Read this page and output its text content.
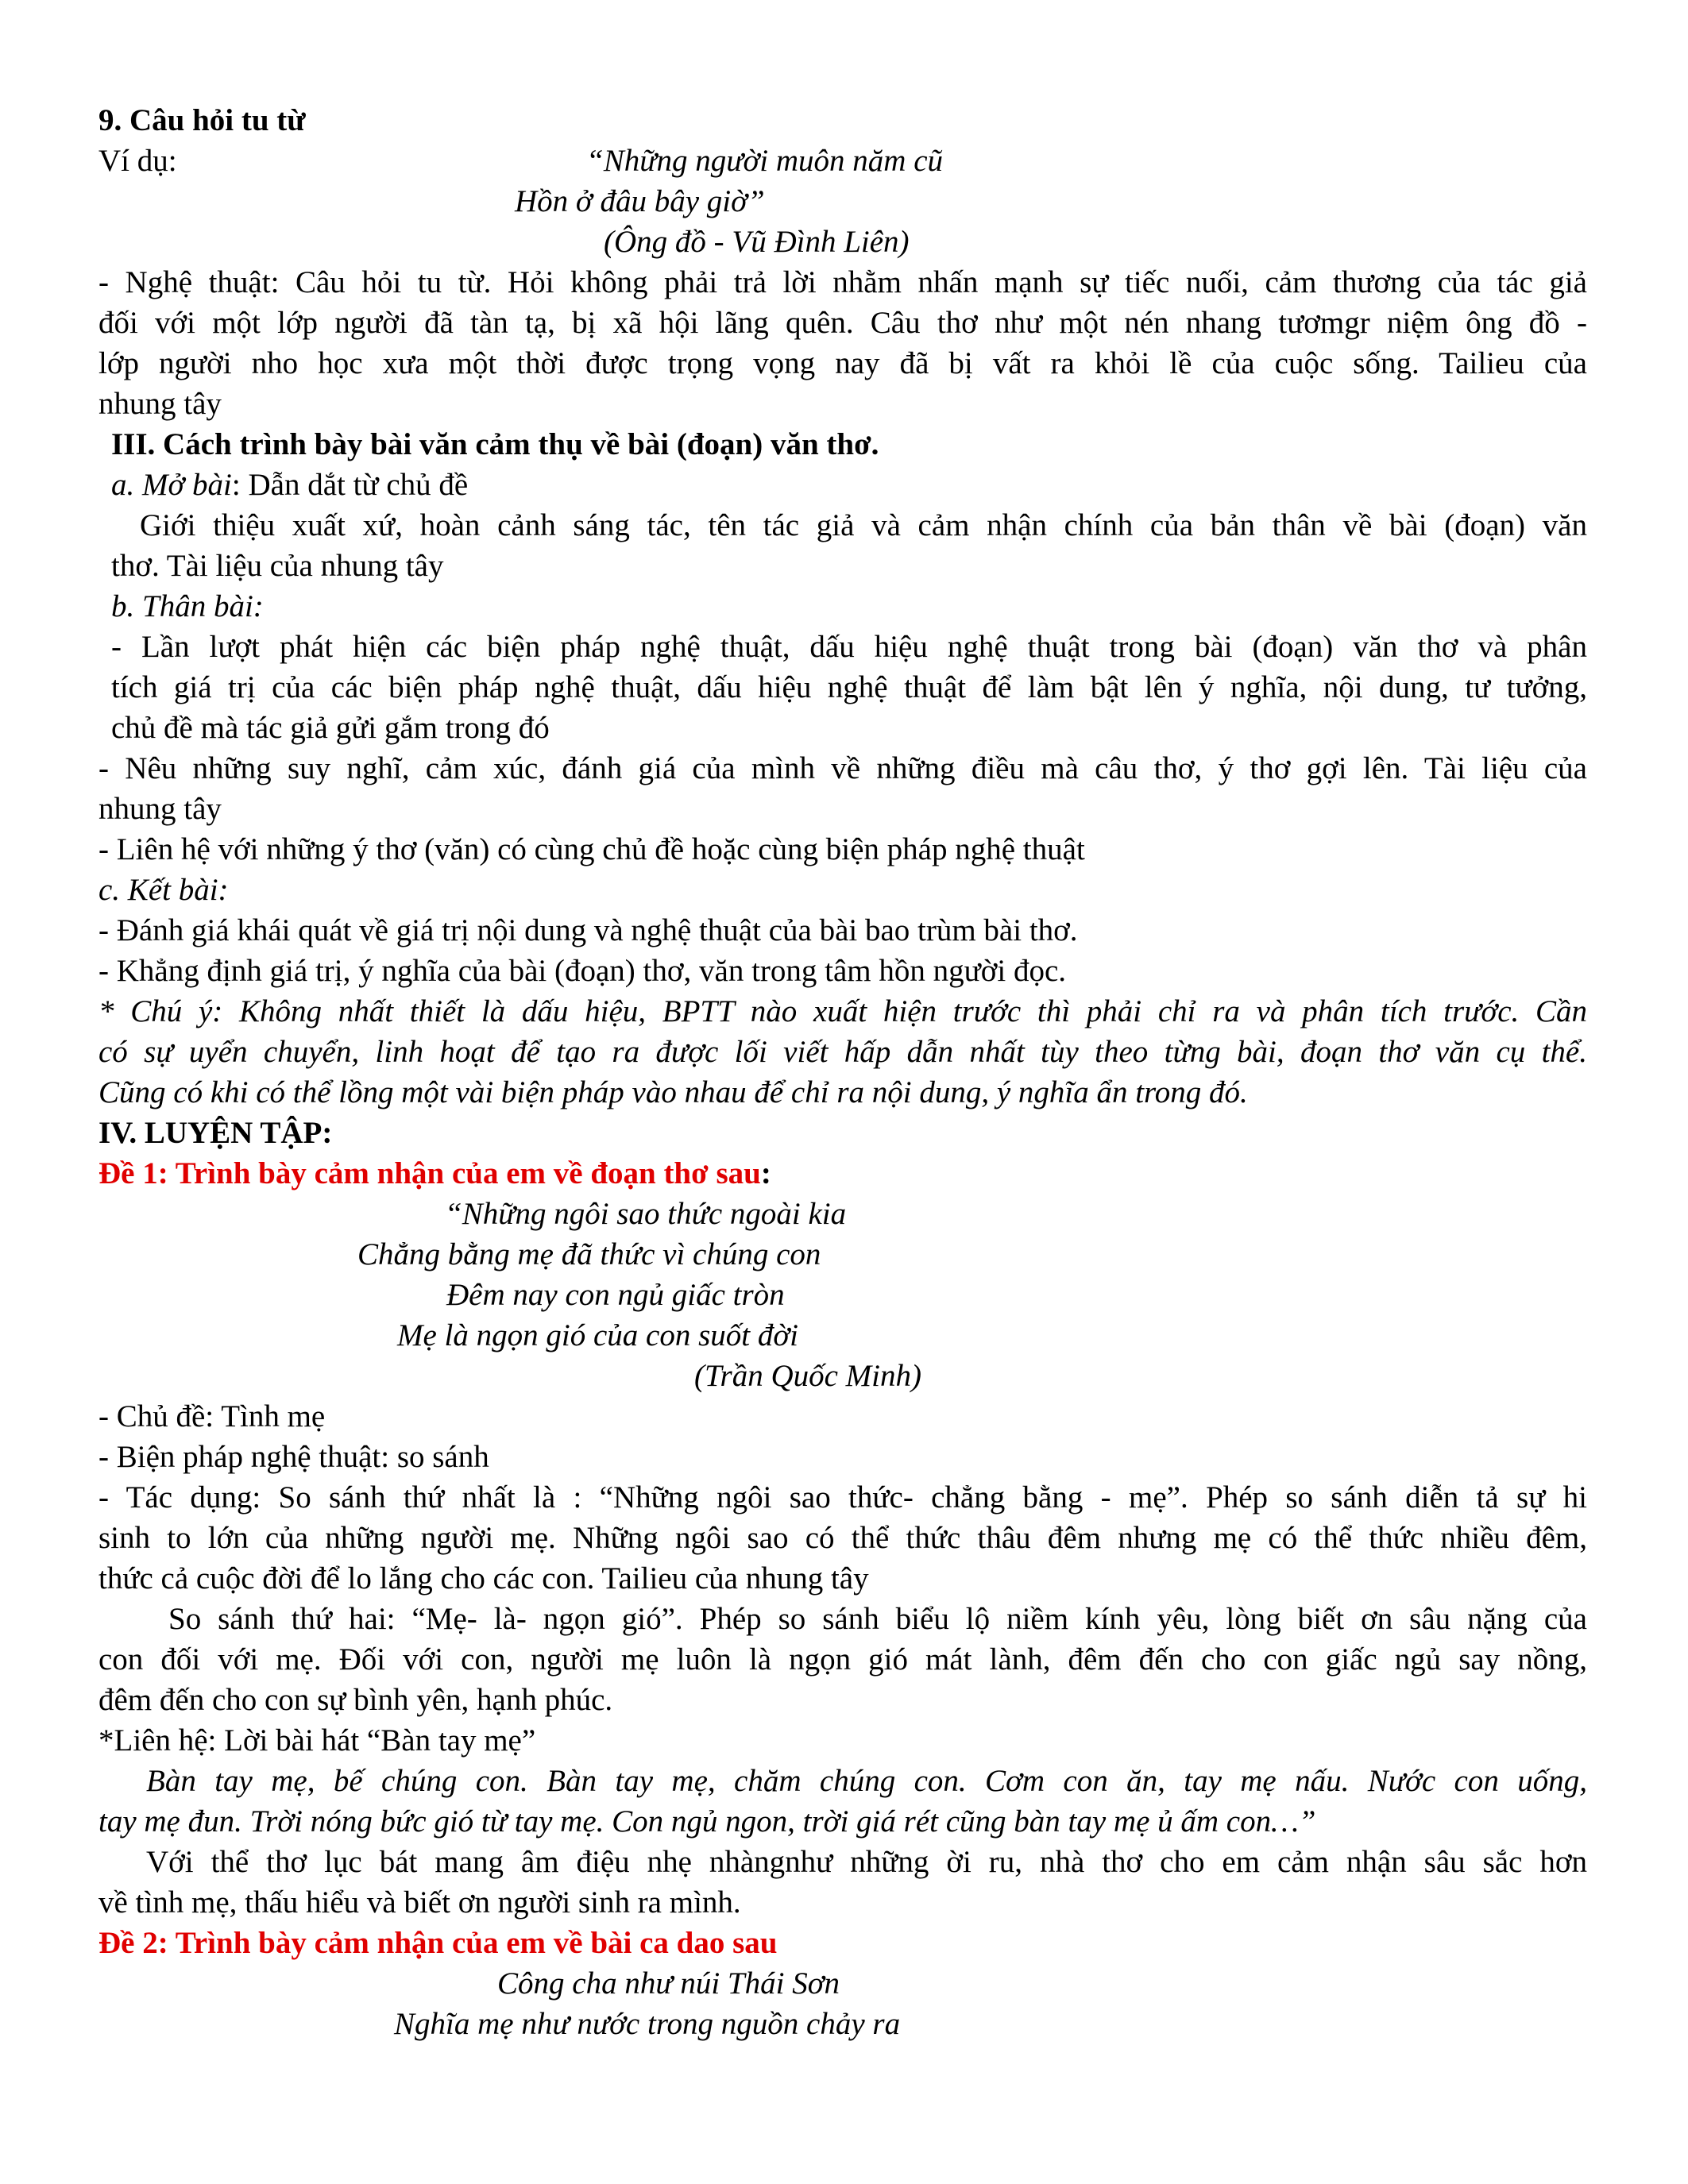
9. Câu hỏi tu từ
Ví dụ:	“Những người muôn năm cũ
Hồn ở đâu bây giờ”
(Ông đồ - Vũ Đình Liên)
- Nghệ thuật: Câu hỏi tu từ. Hỏi không phải trả lời nhằm nhấn mạnh sự tiếc nuối, cảm thương của tác giả
đối với một lớp người đã tàn tạ, bị xã hội lãng quên. Câu thơ như một nén nhang tươmgr niệm ông đồ -
lớp người nho học xưa một thời được trọng vọng nay đã bị vất ra khỏi lề của cuộc sống. Tailieu của
nhung tây
III. Cách trình bày bài văn cảm thụ về bài (đoạn) văn thơ.
a. Mở bài: Dẫn dắt từ chủ đề
Giới thiệu xuất xứ, hoàn cảnh sáng tác, tên tác giả và cảm nhận chính của bản thân về bài (đoạn) văn
thơ. Tài liệu của nhung tây
b. Thân bài:
- Lần lượt phát hiện các biện pháp nghệ thuật, dấu hiệu nghệ thuật trong bài (đoạn) văn thơ và phân
tích giá trị của các biện pháp nghệ thuật, dấu hiệu nghệ thuật để làm bật lên ý nghĩa, nội dung, tư tưởng,
chủ đề mà tác giả gửi gắm trong đó
- Nêu những suy nghĩ, cảm xúc, đánh giá của mình về những điều mà câu thơ, ý thơ gợi lên. Tài liệu của
nhung tây
- Liên hệ với những ý thơ (văn) có cùng chủ đề hoặc cùng biện pháp nghệ thuật
c. Kết bài:
- Đánh giá khái quát về giá trị nội dung và nghệ thuật của bài bao trùm bài thơ.
- Khẳng định giá trị, ý nghĩa của bài (đoạn) thơ, văn trong tâm hồn người đọc.
* Chú ý: Không nhất thiết là dấu hiệu, BPTT nào xuất hiện trước thì phải chỉ ra và phân tích trước. Cần
có sự uyển chuyển, linh hoạt để tạo ra được lối viết hấp dẫn nhất tùy theo từng bài, đoạn thơ văn cụ thể.
Cũng có khi có thể lồng một vài biện pháp vào nhau để chỉ ra nội dung, ý nghĩa ẩn trong đó.
IV. LUYỆN TẬP:
Đề 1: Trình bày cảm nhận của em về đoạn thơ sau:
“Những ngôi sao thức ngoài kia
Chẳng bằng mẹ đã thức vì chúng con
Đêm nay con ngủ giấc tròn
Mẹ là ngọn gió của con suốt đời
(Trần Quốc Minh)
- Chủ đề: Tình mẹ
- Biện pháp nghệ thuật: so sánh
- Tác dụng: So sánh thứ nhất là : “Những ngôi sao thức- chẳng bằng - mẹ”. Phép so sánh diễn tả sự hi
sinh to lớn của những người mẹ. Những ngôi sao có thể thức thâu đêm nhưng mẹ có thể thức nhiều đêm,
thức cả cuộc đời để lo lắng cho các con. Tailieu của nhung tây
So sánh thứ hai: “Mẹ- là- ngọn gió”. Phép so sánh biểu lộ niềm kính yêu, lòng biết ơn sâu nặng của
con đối với mẹ. Đối với con, người mẹ luôn là ngọn gió mát lành, đêm đến cho con giấc ngủ say nồng,
đêm đến cho con sự bình yên, hạnh phúc.
*Liên hệ: Lời bài hát “Bàn tay mẹ”
Bàn tay mẹ, bế chúng con. Bàn tay mẹ, chăm chúng con. Cơm con ăn, tay mẹ nấu. Nước con uống,
tay mẹ đun. Trời nóng bức gió từ tay mẹ. Con ngủ ngon, trời giá rét cũng bàn tay mẹ ủ ấm con…”
Với thể thơ lục bát mang âm điệu nhẹ nhàngnhư những ời ru, nhà thơ cho em cảm nhận sâu sắc hơn
về tình mẹ, thấu hiểu và biết ơn người sinh ra mình.
Đề 2: Trình bày cảm nhận của em về bài ca dao sau
Công cha như núi Thái Sơn
Nghĩa mẹ như nước trong nguồn chảy ra
